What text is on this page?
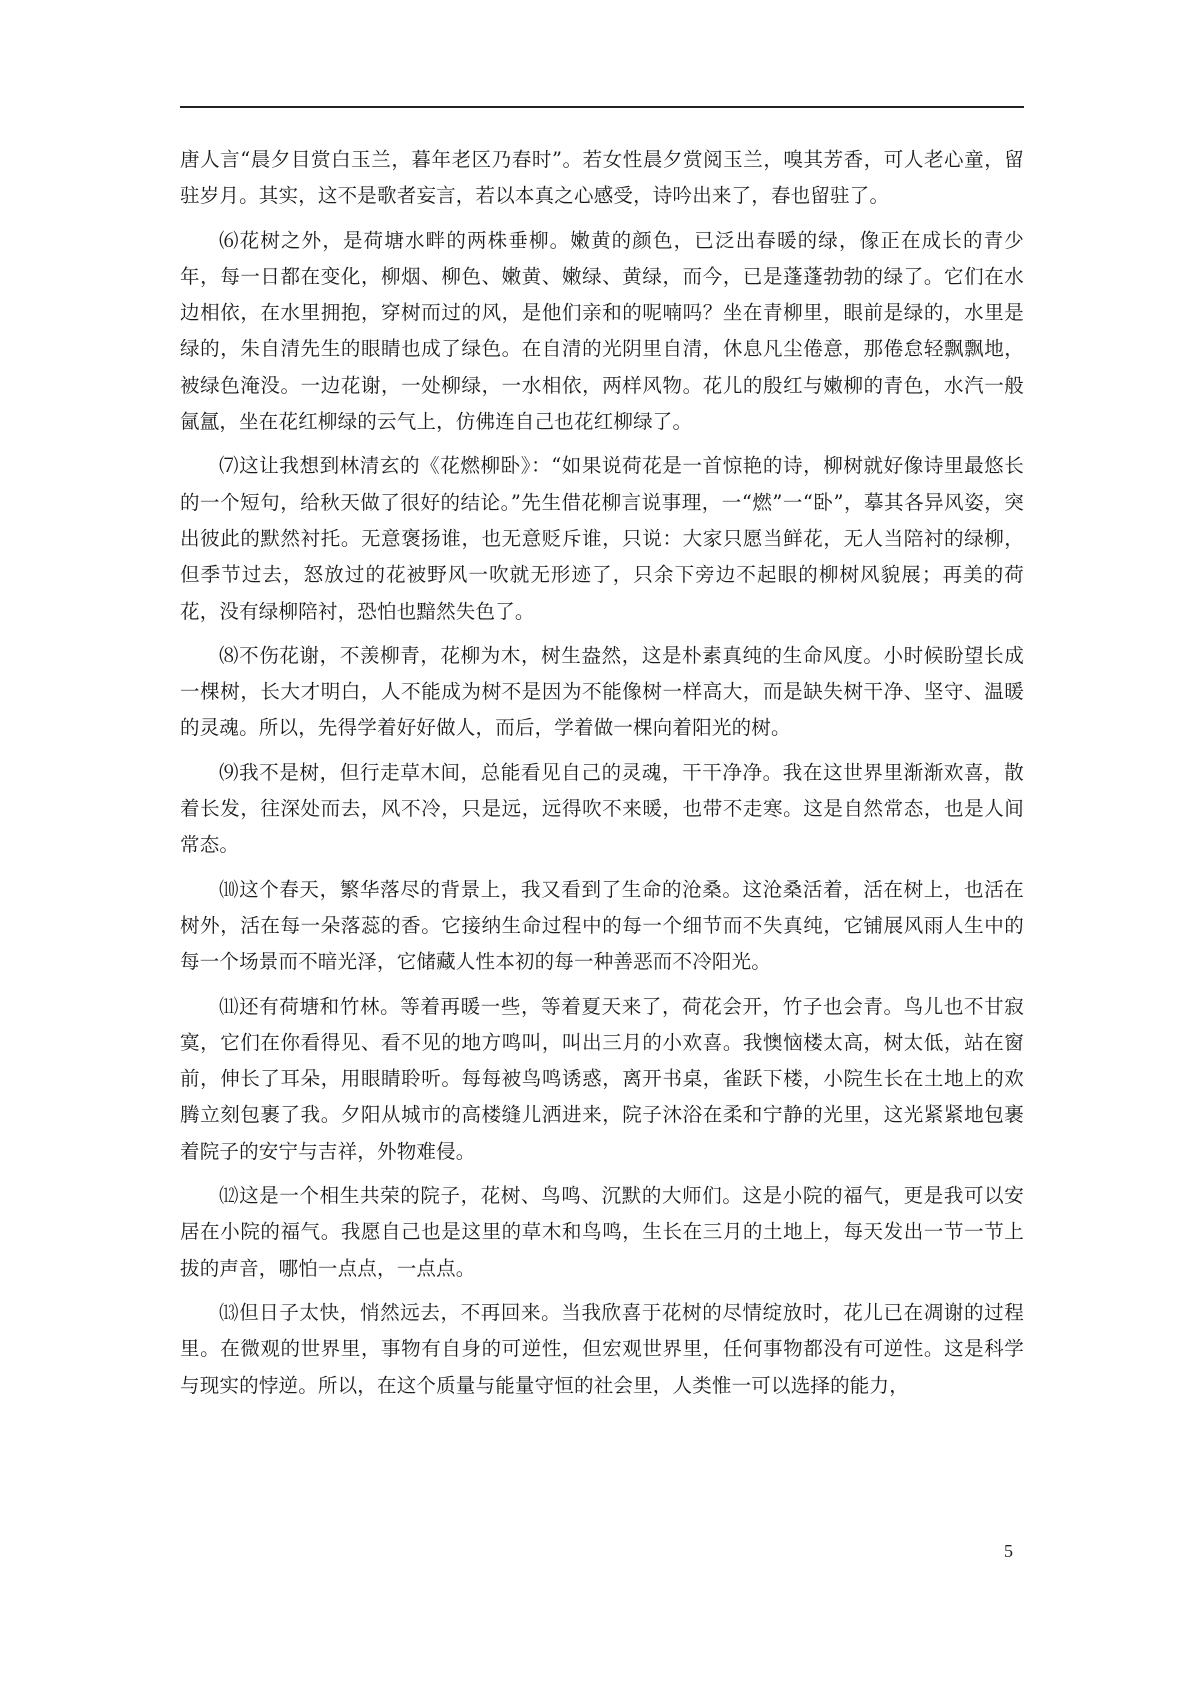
唐人言“晨夕目赏白玉兰，暮年老区乃春时”。若女性晨夕赏阅玉兰，嗅其芳香，可人老心童，留驻岁月。其实，这不是歌者妄言，若以本真之心感受，诗吟出来了，春也留驻了。

⑹花树之外，是荷塘水畔的两株垂柳。嫩黄的颜色，已泛出春暖的绿，像正在成长的青少年，每一日都在变化，柳烟、柳色、嫩黄、嫩绿、黄绿，而今，已是蓬蓬勃勃的绿了。它们在水边相依，在水里拥抱，穿树而过的风，是他们亲和的呢喃吗？坐在青柳里，眼前是绿的，水里是绿的，朱自清先生的眼睛也成了绿色。在自清的光阴里自清，休息凡尘倦意，那倦怠轻飘飘地，被绿色淹没。一边花谢，一处柳绿，一水相依，两样风物。花儿的殷红与嫩柳的青色，水汽一般氤氲，坐在花红柳绿的云气上，仿佛连自己也花红柳绿了。

⑺这让我想到林清玄的《花燃柳卧》：“如果说荷花是一首惊艳的诗，柳树就好像诗里最悠长的一个短句，给秋天做了很好的结论。”先生借花柳言说事理，一“燃”一“卧”，摹其各异风姿，突出彼此的默然衬托。无意褒扬谁，也无意贬斥谁，只说：大家只愿当鲜花，无人当陪衬的绿柳，但季节过去，怒放过的花被野风一吹就无形迹了，只余下旁边不起眼的柳树风貌展；再美的荷花，没有绿柳陪衬，恐怕也黯然失色了。

⑻不伤花谢，不羡柳青，花柳为木，树生盎然，这是朴素真纯的生命风度。小时候盼望长成一棵树，长大才明白，人不能成为树不是因为不能像树一样高大，而是缺失树干净、坚守、温暖的灵魂。所以，先得学着好好做人，而后，学着做一棵向着阳光的树。

⑼我不是树，但行走草木间，总能看见自己的灵魂，干干净净。我在这世界里渐渐欢喜，散着长发，往深处而去，风不冷，只是远，远得吹不来暖，也带不走寒。这是自然常态，也是人间常态。

⑽这个春天，繁华落尽的背景上，我又看到了生命的沧桑。这沧桑活着，活在树上，也活在树外，活在每一朵落蕊的香。它接纳生命过程中的每一个细节而不失真纯，它铺展风雨人生中的每一个场景而不暗光泽，它储藏人性本初的每一种善恶而不冷阳光。

⑾还有荷塘和竹林。等着再暖一些，等着夏天来了，荷花会开，竹子也会青。鸟儿也不甘寂寞，它们在你看得见、看不见的地方鸣叫，叫出三月的小欢喜。我懊恼楼太高，树太低，站在窗前，伸长了耳朵，用眼睛聆听。每每被鸟鸣诱惑，离开书桌，雀跃下楼，小院生长在土地上的欢腾立刻包裹了我。夕阳从城市的高楼缝儿洒进来，院子沐浴在柔和宁静的光里，这光紧紧地包裹着院子的安宁与吉祥，外物难侵。

⑿这是一个相生共荣的院子，花树、鸟鸣、沉默的大师们。这是小院的福气，更是我可以安居在小院的福气。我愿自己也是这里的草木和鸟鸣，生长在三月的土地上，每天发出一节一节上拔的声音，哪怕一点点，一点点。

⒀但日子太快，悄然远去，不再回来。当我欣喜于花树的尽情绽放时，花儿已在凋谢的过程里。在微观的世界里，事物有自身的可逆性，但宏观世界里，任何事物都没有可逆性。这是科学与现实的悖逆。所以，在这个质量与能量守恒的社会里，人类惟一可以选择的能力，

5
